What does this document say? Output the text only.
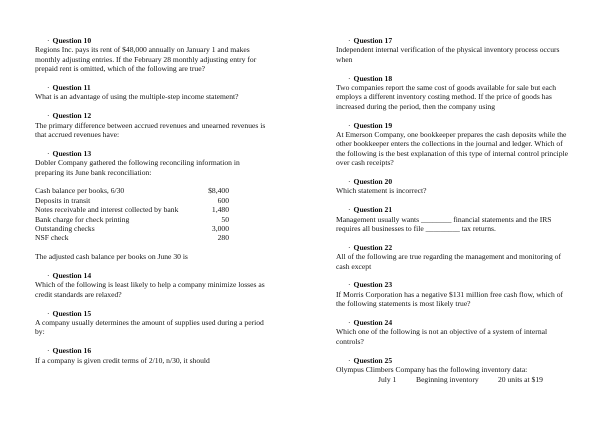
· Question 10
Regions Inc. pays its rent of $48,000 annually on January 1 and makes monthly adjusting entries. If the February 28 monthly adjusting entry for prepaid rent is omitted, which of the following are true?
· Question 11
What is an advantage of using the multiple-step income statement?
· Question 12
The primary difference between accrued revenues and unearned revenues is that accrued revenues have:
· Question 13
Dobler Company gathered the following reconciling information in preparing its June bank reconciliation:
Cash balance per books, 6/30	$8,400
Deposits in transit	600
Notes receivable and interest collected by bank	1,480
Bank charge for check printing	50
Outstanding checks	3,000
NSF check	280
The adjusted cash balance per books on June 30 is
· Question 14
Which of the following is least likely to help a company minimize losses as credit standards are relaxed?
· Question 15
A company usually determines the amount of supplies used during a period by:
· Question 16
If a company is given credit terms of 2/10, n/30, it should
· Question 17
Independent internal verification of the physical inventory process occurs when
· Question 18
Two companies report the same cost of goods available for sale but each employs a different inventory costing method. If the price of goods has increased during the period, then the company using
· Question 19
At Emerson Company, one bookkeeper prepares the cash deposits while the other bookkeeper enters the collections in the journal and ledger. Which of the following is the best explanation of this type of internal control principle over cash receipts?
· Question 20
Which statement is incorrect?
· Question 21
Management usually wants ________ financial statements and the IRS requires all businesses to file _________ tax returns.
· Question 22
All of the following are true regarding the management and monitoring of cash except
· Question 23
If Morris Corporation has a negative $131 million free cash flow, which of the following statements is most likely true?
· Question 24
Which one of the following is not an objective of a system of internal controls?
· Question 25
Olympus Climbers Company has the following inventory data:
July 1	Beginning inventory	20 units at $19
